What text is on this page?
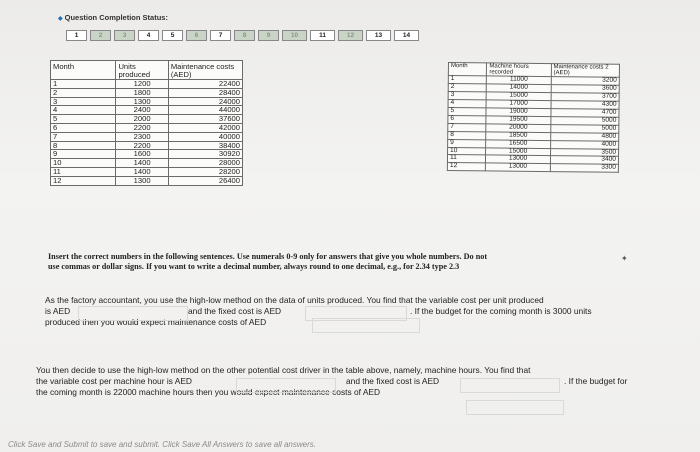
◆ Question Completion Status:
1	2	3	4	5	6	7	8	9	10	11	12	13	14
Month	Units produced	Maintenance costs (AED)
1	1200	22400
2	1800	28400
3	1300	24000
4	2400	44000
5	2000	37600
6	2200	42000
7	2300	40000
8	2200	38400
9	1600	30920
10	1400	28000
11	1400	28200
12	1300	26400
Month	Machine hours recorded	Maintenance costs 2 (AED)
1	11000	3200
2	14000	3600
3	15000	3700
4	17000	4300
5	19000	4700
6	19500	5000
7	20000	5000
8	18500	4800
9	16500	4000
10	15000	3500
11	13000	3400
12	13000	3300
✦
Insert the correct numbers in the following sentences. Use numerals 0-9 only for answers that give you whole numbers. Do not
use commas or dollar signs. If you want to write a decimal number, always round to one decimal, e.g., for 2.34 type 2.3
As the factory accountant, you use the high-low method on the data of units produced. You find that the variable cost per unit produced
is AED	and the fixed cost is AED	. If the budget for the coming month is 3000 units
produced then you would expect maintenance costs of AED
You then decide to use the high-low method on the other potential cost driver in the table above, namely, machine hours. You find that
the variable cost per machine hour is AED	and the fixed cost is AED	. If the budget for
the coming month is 22000 machine hours then you would expect maintenance costs of AED
Click Save and Submit to save and submit. Click Save All Answers to save all answers.
